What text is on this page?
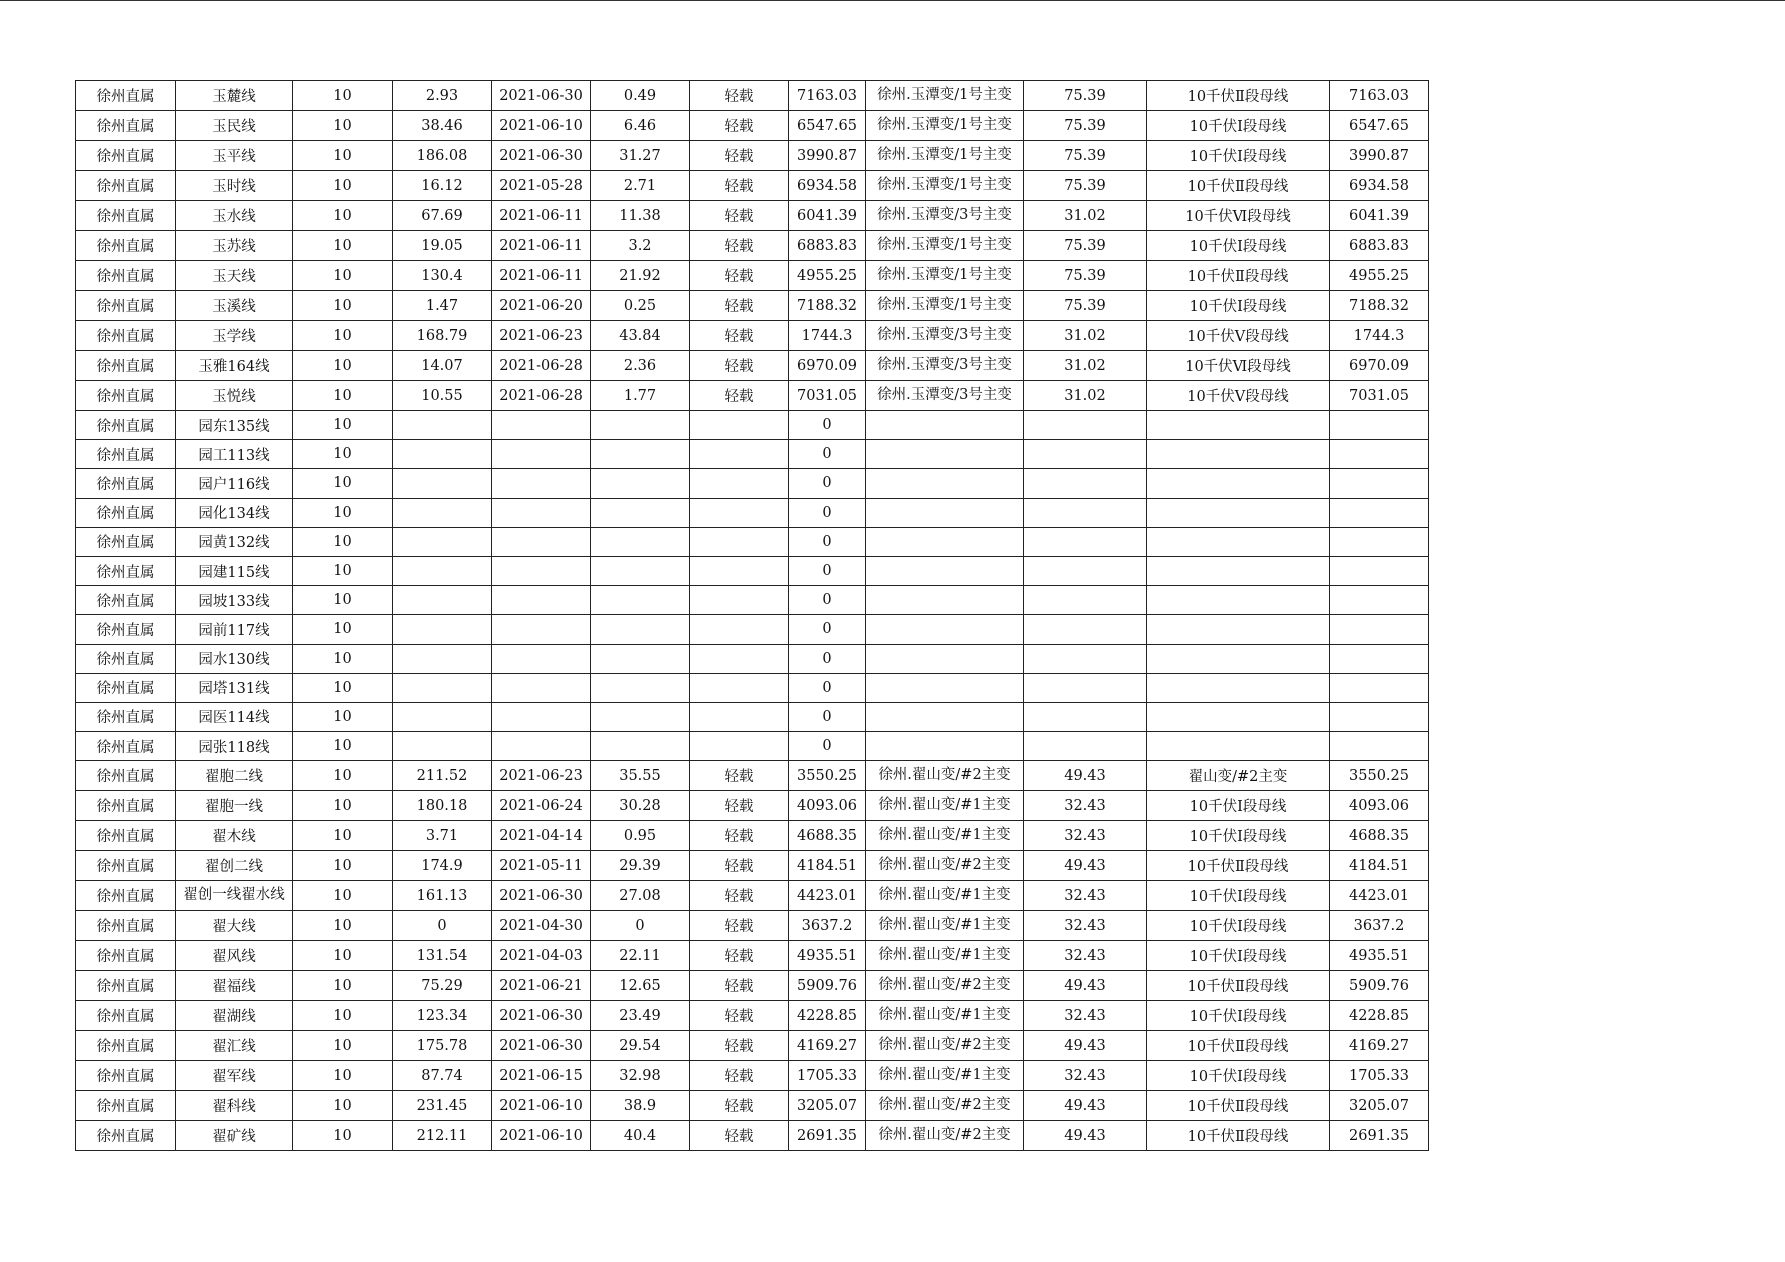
徐州直属	玉麓线	10	2.93	2021-06-30	0.49	轻载	7163.03	徐州.玉潭变/1号主变	75.39	10千伏Ⅱ段母线	7163.03
徐州直属	玉民线	10	38.46	2021-06-10	6.46	轻载	6547.65	徐州.玉潭变/1号主变	75.39	10千伏Ⅰ段母线	6547.65
徐州直属	玉平线	10	186.08	2021-06-30	31.27	轻载	3990.87	徐州.玉潭变/1号主变	75.39	10千伏Ⅰ段母线	3990.87
徐州直属	玉时线	10	16.12	2021-05-28	2.71	轻载	6934.58	徐州.玉潭变/1号主变	75.39	10千伏Ⅱ段母线	6934.58
徐州直属	玉水线	10	67.69	2021-06-11	11.38	轻载	6041.39	徐州.玉潭变/3号主变	31.02	10千伏Ⅵ段母线	6041.39
徐州直属	玉苏线	10	19.05	2021-06-11	3.2	轻载	6883.83	徐州.玉潭变/1号主变	75.39	10千伏Ⅰ段母线	6883.83
徐州直属	玉天线	10	130.4	2021-06-11	21.92	轻载	4955.25	徐州.玉潭变/1号主变	75.39	10千伏Ⅱ段母线	4955.25
徐州直属	玉溪线	10	1.47	2021-06-20	0.25	轻载	7188.32	徐州.玉潭变/1号主变	75.39	10千伏Ⅰ段母线	7188.32
徐州直属	玉学线	10	168.79	2021-06-23	43.84	轻载	1744.3	徐州.玉潭变/3号主变	31.02	10千伏Ⅴ段母线	1744.3
徐州直属	玉雅164线	10	14.07	2021-06-28	2.36	轻载	6970.09	徐州.玉潭变/3号主变	31.02	10千伏Ⅵ段母线	6970.09
徐州直属	玉悦线	10	10.55	2021-06-28	1.77	轻载	7031.05	徐州.玉潭变/3号主变	31.02	10千伏Ⅴ段母线	7031.05
徐州直属	园东135线	10					0				
徐州直属	园工113线	10					0				
徐州直属	园户116线	10					0				
徐州直属	园化134线	10					0				
徐州直属	园黄132线	10					0				
徐州直属	园建115线	10					0				
徐州直属	园坡133线	10					0				
徐州直属	园前117线	10					0				
徐州直属	园水130线	10					0				
徐州直属	园塔131线	10					0				
徐州直属	园医114线	10					0				
徐州直属	园张118线	10					0				
徐州直属	翟胞二线	10	211.52	2021-06-23	35.55	轻载	3550.25	徐州.翟山变/#2主变	49.43	翟山变/#2主变	3550.25
徐州直属	翟胞一线	10	180.18	2021-06-24	30.28	轻载	4093.06	徐州.翟山变/#1主变	32.43	10千伏Ⅰ段母线	4093.06
徐州直属	翟木线	10	3.71	2021-04-14	0.95	轻载	4688.35	徐州.翟山变/#1主变	32.43	10千伏Ⅰ段母线	4688.35
徐州直属	翟创二线	10	174.9	2021-05-11	29.39	轻载	4184.51	徐州.翟山变/#2主变	49.43	10千伏Ⅱ段母线	4184.51
徐州直属	翟创一线翟水线	10	161.13	2021-06-30	27.08	轻载	4423.01	徐州.翟山变/#1主变	32.43	10千伏Ⅰ段母线	4423.01
徐州直属	翟大线	10	0	2021-04-30	0	轻载	3637.2	徐州.翟山变/#1主变	32.43	10千伏Ⅰ段母线	3637.2
徐州直属	翟风线	10	131.54	2021-04-03	22.11	轻载	4935.51	徐州.翟山变/#1主变	32.43	10千伏Ⅰ段母线	4935.51
徐州直属	翟福线	10	75.29	2021-06-21	12.65	轻载	5909.76	徐州.翟山变/#2主变	49.43	10千伏Ⅱ段母线	5909.76
徐州直属	翟湖线	10	123.34	2021-06-30	23.49	轻载	4228.85	徐州.翟山变/#1主变	32.43	10千伏Ⅰ段母线	4228.85
徐州直属	翟汇线	10	175.78	2021-06-30	29.54	轻载	4169.27	徐州.翟山变/#2主变	49.43	10千伏Ⅱ段母线	4169.27
徐州直属	翟军线	10	87.74	2021-06-15	32.98	轻载	1705.33	徐州.翟山变/#1主变	32.43	10千伏Ⅰ段母线	1705.33
徐州直属	翟科线	10	231.45	2021-06-10	38.9	轻载	3205.07	徐州.翟山变/#2主变	49.43	10千伏Ⅱ段母线	3205.07
徐州直属	翟矿线	10	212.11	2021-06-10	40.4	轻载	2691.35	徐州.翟山变/#2主变	49.43	10千伏Ⅱ段母线	2691.35
